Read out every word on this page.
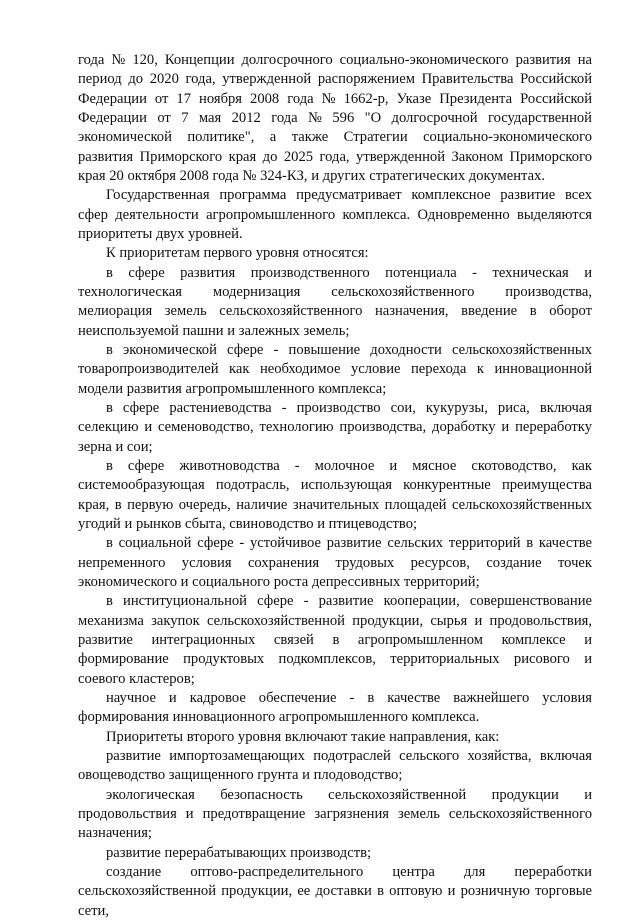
года № 120, Концепции долгосрочного социально-экономического развития на
период до 2020 года, утвержденной распоряжением Правительства Российской
Федерации от 17 ноября 2008 года № 1662-р, Указе Президента Российской
Федерации от 7 мая 2012 года № 596 "О долгосрочной государственной
экономической политике", а также Стратегии социально-экономического
развития Приморского края до 2025 года, утвержденной Законом Приморского
края 20 октября 2008 года № 324-КЗ, и других стратегических документах.
Государственная программа предусматривает комплексное развитие всех
сфер деятельности агропромышленного комплекса. Одновременно выделяются
приоритеты двух уровней.
К приоритетам первого уровня относятся:
в сфере развития производственного потенциала - техническая и
технологическая модернизация сельскохозяйственного производства,
мелиорация земель сельскохозяйственного назначения, введение в оборот
неиспользуемой пашни и залежных земель;
в экономической сфере - повышение доходности сельскохозяйственных
товаропроизводителей как необходимое условие перехода к инновационной
модели развития агропромышленного комплекса;
в сфере растениеводства - производство сои, кукурузы, риса, включая
селекцию и семеноводство, технологию производства, доработку и переработку
зерна и сои;
в сфере животноводства - молочное и мясное скотоводство, как
системообразующая подотрасль, использующая конкурентные преимущества
края, в первую очередь, наличие значительных площадей сельскохозяйственных
угодий и рынков сбыта, свиноводство и птицеводство;
в социальной сфере - устойчивое развитие сельских территорий в качестве
непременного условия сохранения трудовых ресурсов, создание точек
экономического и социального роста депрессивных территорий;
в институциональной сфере - развитие кооперации, совершенствование
механизма закупок сельскохозяйственной продукции, сырья и продовольствия,
развитие интеграционных связей в агропромышленном комплексе и
формирование продуктовых подкомплексов, территориальных рисового и
соевого кластеров;
научное и кадровое обеспечение - в качестве важнейшего условия
формирования инновационного агропромышленного комплекса.
Приоритеты второго уровня включают такие направления, как:
развитие импортозамещающих подотраслей сельского хозяйства, включая
овощеводство защищенного грунта и плодоводство;
экологическая безопасность сельскохозяйственной продукции и
продовольствия и предотвращение загрязнения земель сельскохозяйственного
назначения;
развитие перерабатывающих производств;
создание оптово-распределительного центра для переработки
сельскохозяйственной продукции, ее доставки в оптовую и розничную торговые
сети,
